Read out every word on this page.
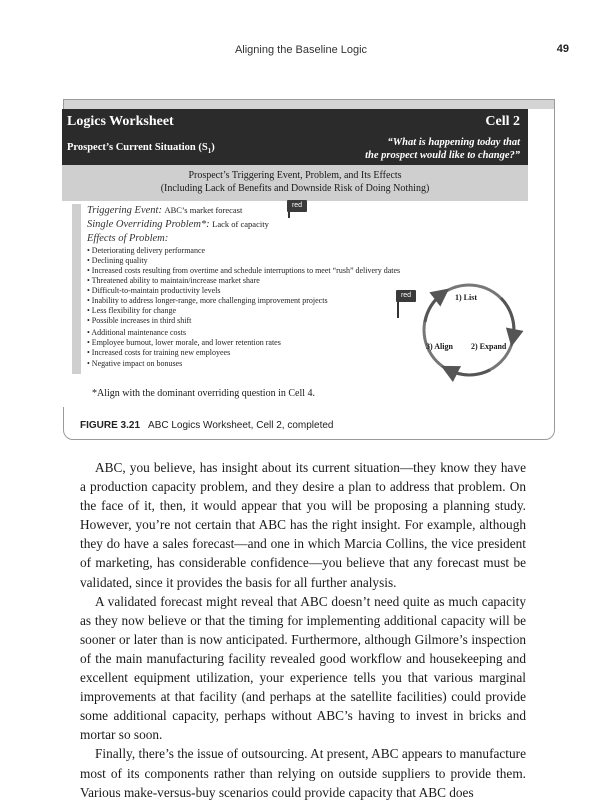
Aligning the Baseline Logic	49
Logics Worksheet	Cell 2
Prospect’s Current Situation $(S_1)$	“What is happening today that
the prospect would like to change?”
Prospect’s Triggering Event, Problem, and Its Effects
(Including Lack of Benefits and Downside Risk of Doing Nothing)
Triggering Event: ABC’s market forecast
Single Overriding Problem*: Lack of capacity
Effects of Problem:
• Deteriorating delivery performance
• Declining quality
• Increased costs resulting from overtime and schedule interruptions to meet “rush” delivery dates
• Threatened ability to maintain/increase market share
• Difficult-to-maintain productivity levels
• Inability to address longer-range, more challenging improvement projects
• Less flexibility for change
• Possible increases in third shift
• Additional maintenance costs
• Employee burnout, lower morale, and lower retention rates
• Increased costs for training new employees
• Negative impact on bonuses
*Align with the dominant overriding question in Cell 4.
red
red	1) List
2) Expand
3) Align
FIGURE 3.21 ABC Logics Worksheet, Cell 2, completed

ABC, you believe, has insight about its current situation—they know they have a production capacity problem, and they desire a plan to address that problem. On the face of it, then, it would appear that you will be proposing a planning study. However, you’re not certain that ABC has the right insight. For example, although they do have a sales forecast—and one in which Marcia Collins, the vice president of marketing, has considerable confidence—you believe that any forecast must be validated, since it provides the basis for all further analysis.

A validated forecast might reveal that ABC doesn’t need quite as much capacity as they now believe or that the timing for implementing additional capacity will be sooner or later than is now anticipated. Furthermore, although Gilmore’s inspection of the main manufacturing facility revealed good workflow and housekeeping and excellent equipment utilization, your experience tells you that various marginal improvements at that facility (and perhaps at the satellite facilities) could provide some additional capacity, perhaps without ABC’s having to invest in bricks and mortar so soon.

Finally, there’s the issue of outsourcing. At present, ABC appears to manufacture most of its components rather than relying on outside suppliers to provide them. Various make-versus-buy scenarios could provide capacity that ABC does
